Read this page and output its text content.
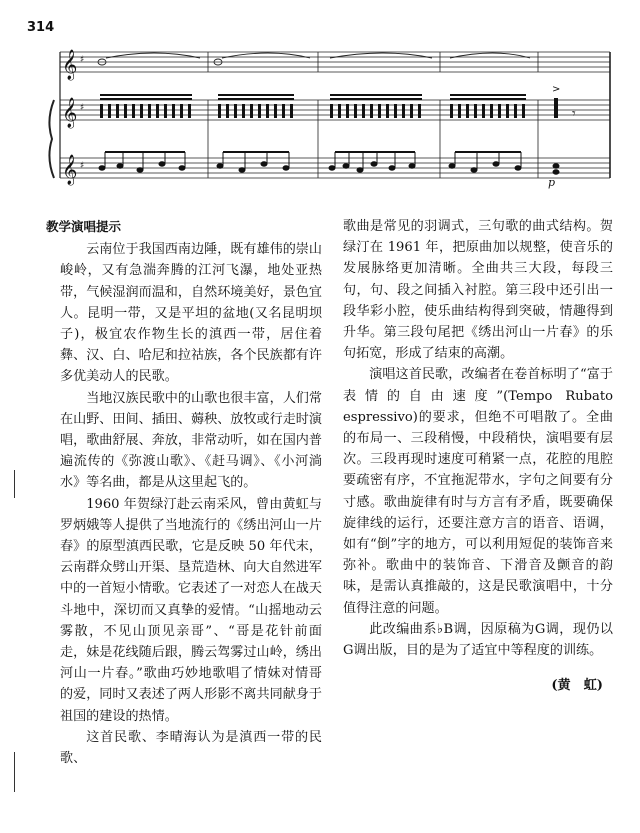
314
𝄞
𝄞
𝄞
♯
♯
♯
>
𝄾
p

教学演唱提示

云南位于我国西南边陲，既有雄伟的崇山峻岭，又有急湍奔腾的江河飞瀑，地处亚热带，气候湿润而温和，自然环境美好，景色宜人。昆明一带，又是平坦的盆地(又名昆明坝子)，极宜农作物生长的滇西一带，居住着彝、汉、白、哈尼和拉祜族，各个民族都有许多优美动人的民歌。

当地汉族民歌中的山歌也很丰富，人们常在山野、田间、插田、薅秧、放牧或行走时演唱，歌曲舒展、奔放，非常动听，如在国内普遍流传的《弥渡山歌》、《赶马调》、《小河淌水》等名曲，都是从这里起飞的。

1960 年贺绿汀赴云南采风，曾由黄虹与罗炳娥等人提供了当地流行的《绣出河山一片春》的原型滇西民歌，它是反映 50 年代末，云南群众劈山开渠、垦荒造林、向大自然进军中的一首短小情歌。它表述了一对恋人在战天斗地中，深切而又真挚的爱情。“山摇地动云雾散，不见山顶见亲哥”、“哥是花针前面走，妹是花线随后跟，腾云驾雾过山岭，绣出河山一片春。”歌曲巧妙地歌唱了情妹对情哥的爱，同时又表述了两人形影不离共同献身于祖国的建设的热情。

这首民歌、李晴海认为是滇西一带的民歌、

歌曲是常见的羽调式，三句歌的曲式结构。贺绿汀在 1961 年，把原曲加以规整，使音乐的发展脉络更加清晰。全曲共三大段，每段三句，句、段之间插入衬腔。第三段中还引出一段华彩小腔，使乐曲结构得到突破，情趣得到升华。第三段句尾把《绣出河山一片春》的乐句拓宽，形成了结束的高潮。

演唱这首民歌，改编者在卷首标明了“富于表情的自由速度”(Tempo Rubato espressivo)的要求，但绝不可唱散了。全曲的布局一、三段稍慢，中段稍快，演唱要有层次。三段再现时速度可稍紧一点，花腔的甩腔要疏密有序，不宜拖泥带水，字句之间要有分寸感。歌曲旋律有时与方言有矛盾，既要确保旋律线的运行，还要注意方言的语音、语调，如有“倒”字的地方，可以利用短促的装饰音来弥补。歌曲中的装饰音、下滑音及颤音的韵味，是需认真推敲的，这是民歌演唱中，十分值得注意的问题。

此改编曲系♭B调，因原稿为G调，现仍以G调出版，目的是为了适宜中等程度的训练。

(黄　虹)
